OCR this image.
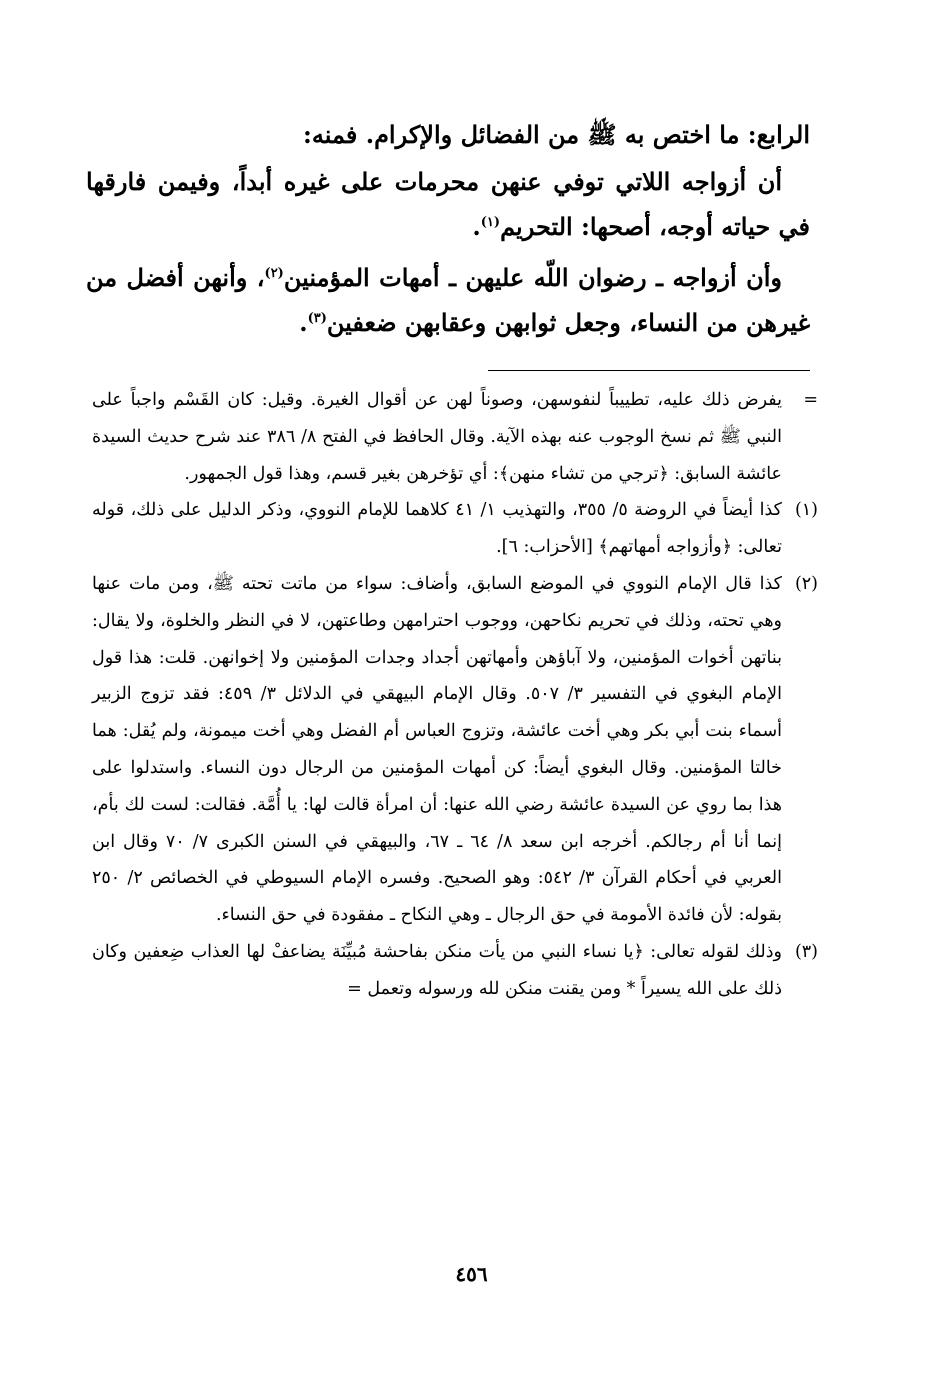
الرابع: ما اختص به ﷺ من الفضائل والإكرام. فمنه:

أن أزواجه اللاتي توفي عنهن محرمات على غيره أبداً، وفيمن فارقها في حياته أوجه، أصحها: التحريم$^{(١)}$.

وأن أزواجه ـ رضوان اللّه عليهن ـ أمهات المؤمنين$^{(٢)}$، وأنهن أفضل من غيرهن من النساء، وجعل ثوابهن وعقابهن ضعفين$^{(٣)}$.

=
يفرض ذلك عليه، تطييباً لنفوسهن، وصوناً لهن عن أقوال الغيرة. وقيل: كان القَسْم واجباً على النبي ﷺ ثم نسخ الوجوب عنه بهذه الآية. وقال الحافظ في الفتح ٨/ ٣٨٦ عند شرح حديث السيدة عائشة السابق: ﴿ترجي من تشاء منهن﴾: أي تؤخرهن بغير قسم، وهذا قول الجمهور.
(١)
كذا أيضاً في الروضة ٥/ ٣٥٥، والتهذيب ١/ ٤١ كلاهما للإمام النووي، وذكر الدليل على ذلك، قوله تعالى: ﴿وأزواجه أمهاتهم﴾ [الأحزاب: ٦].
(٢)
كذا قال الإمام النووي في الموضع السابق، وأضاف: سواء من ماتت تحته ﷺ، ومن مات عنها وهي تحته، وذلك في تحريم نكاحهن، ووجوب احترامهن وطاعتهن، لا في النظر والخلوة، ولا يقال: بناتهن أخوات المؤمنين، ولا آباؤهن وأمهاتهن أجداد وجدات المؤمنين ولا إخوانهن. قلت: هذا قول الإمام البغوي في التفسير ٣/ ٥٠٧. وقال الإمام البيهقي في الدلائل ٣/ ٤٥٩: فقد تزوج الزبير أسماء بنت أبي بكر وهي أخت عائشة، وتزوج العباس أم الفضل وهي أخت ميمونة، ولم يُقل: هما خالتا المؤمنين. وقال البغوي أيضاً: كن أمهات المؤمنين من الرجال دون النساء. واستدلوا على هذا بما روي عن السيدة عائشة رضي الله عنها: أن امرأة قالت لها: يا أُمَّة. فقالت: لست لك بأم، إنما أنا أم رجالكم. أخرجه ابن سعد ٨/ ٦٤ ـ ٦٧، والبيهقي في السنن الكبرى ٧/ ٧٠ وقال ابن العربي في أحكام القرآن ٣/ ٥٤٢: وهو الصحيح. وفسره الإمام السيوطي في الخصائص ٢/ ٢٥٠ بقوله: لأن فائدة الأمومة في حق الرجال ـ وهي النكاح ـ مفقودة في حق النساء.
(٣)
وذلك لقوله تعالى: ﴿يا نساء النبي من يأت منكن بفاحشة مُبيِّنَة يضاعفْ لها العذاب ضِعفين وكان ذلك على الله يسيراً * ومن يقنت منكن لله ورسوله وتعمل =
٤٥٦
